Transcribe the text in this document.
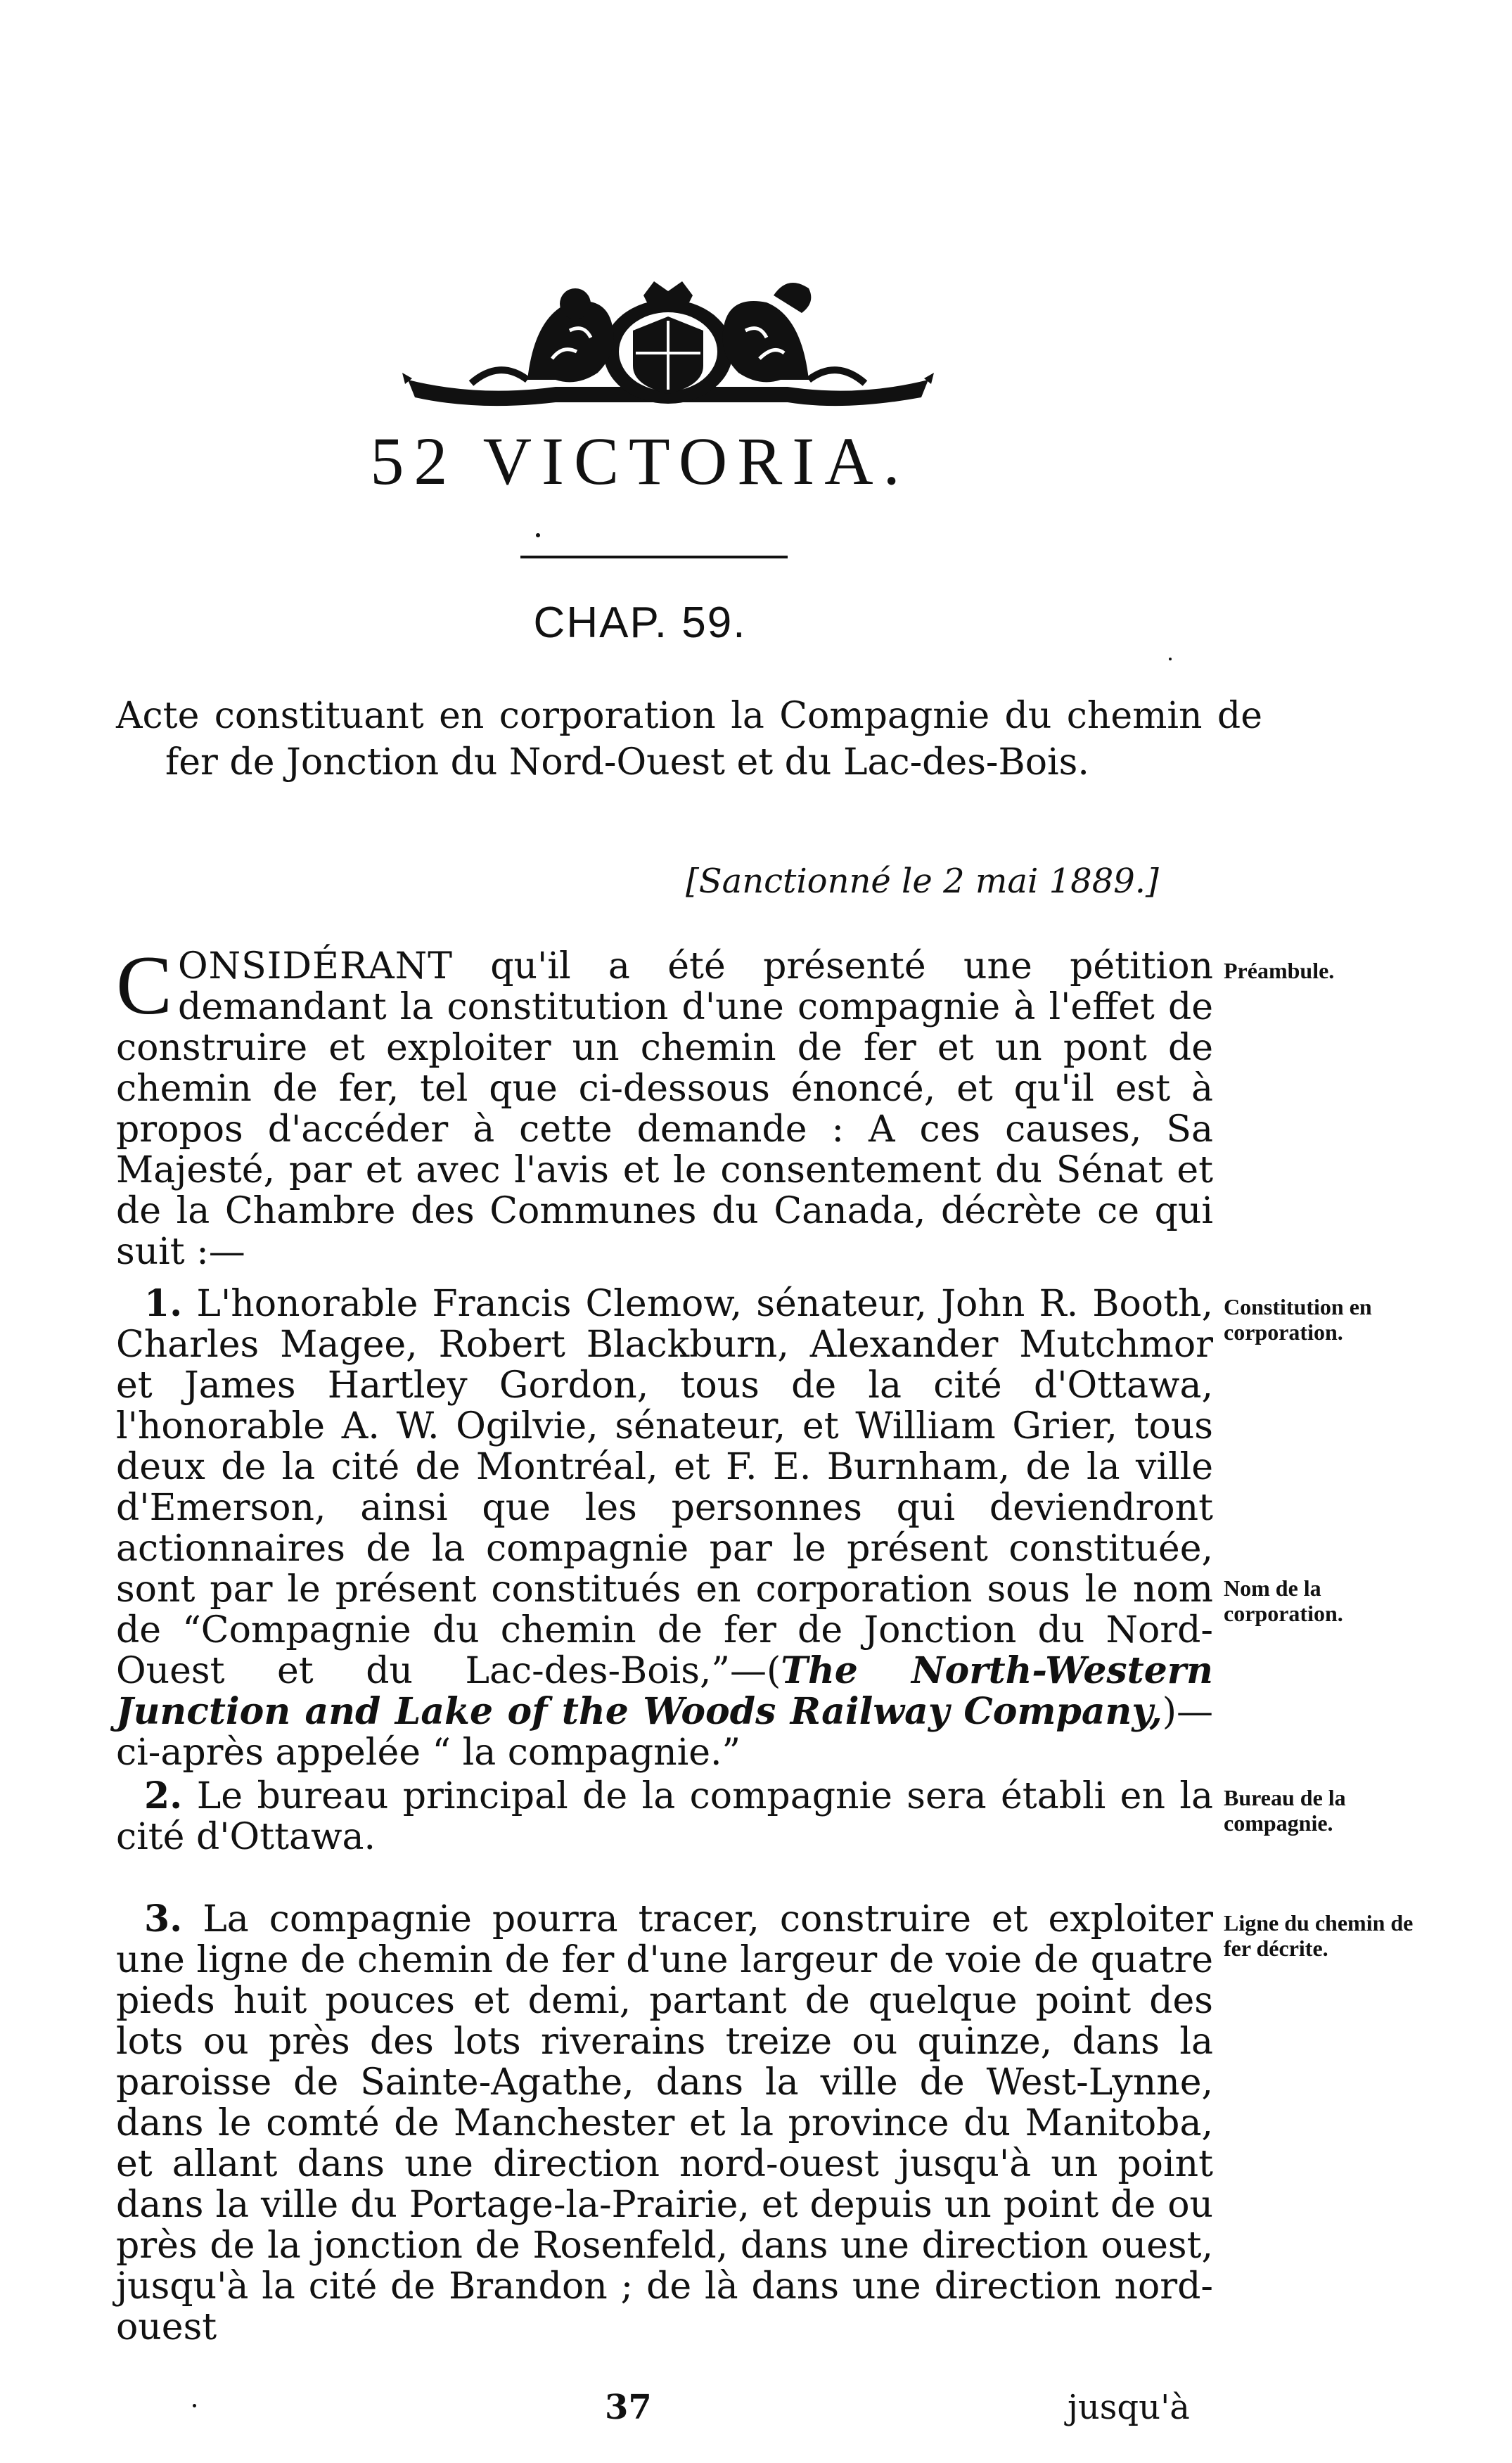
52 VICTORIA.
CHAP. 59.
Acte constituant en corporation la Compagnie du chemin de fer de Jonction du Nord-Ouest et du Lac-des-Bois.
[Sanctionné le 2 mai 1889.]
CONSIDÉRANT qu'il a été présenté une pétition demandant la constitution d'une compagnie à l'effet de construire et exploiter un chemin de fer et un pont de chemin de fer, tel que ci-dessous énoncé, et qu'il est à propos d'accéder à cette demande : A ces causes, Sa Majesté, par et avec l'avis et le consentement du Sénat et de la Chambre des Communes du Canada, décrète ce qui suit :—
1. L'honorable Francis Clemow, sénateur, John R. Booth, Charles Magee, Robert Blackburn, Alexander Mutchmor et James Hartley Gordon, tous de la cité d'Ottawa, l'honorable A. W. Ogilvie, sénateur, et William Grier, tous deux de la cité de Montréal, et F. E. Burnham, de la ville d'Emerson, ainsi que les personnes qui deviendront actionnaires de la compagnie par le présent constituée, sont par le présent constitués en corporation sous le nom de “Compagnie du chemin de fer de Jonction du Nord-Ouest et du Lac-des-Bois,”—(The North-Western Junction and Lake of the Woods Railway Company,)—ci-après appelée “ la compagnie.”
2. Le bureau principal de la compagnie sera établi en la cité d'Ottawa.
3. La compagnie pourra tracer, construire et exploiter une ligne de chemin de fer d'une largeur de voie de quatre pieds huit pouces et demi, partant de quelque point des lots ou près des lots riverains treize ou quinze, dans la paroisse de Sainte-Agathe, dans la ville de West-Lynne, dans le comté de Manchester et la province du Manitoba, et allant dans une direction nord-ouest jusqu'à un point dans la ville du Portage-la-Prairie, et depuis un point de ou près de la jonction de Rosenfeld, dans une direction ouest, jusqu'à la cité de Brandon ; de là dans une direction nord-ouest
Préambule.
Constitution en corporation.
Nom de la corporation.
Bureau de la compagnie.
Ligne du chemin de fer décrite.
37	jusqu'à
